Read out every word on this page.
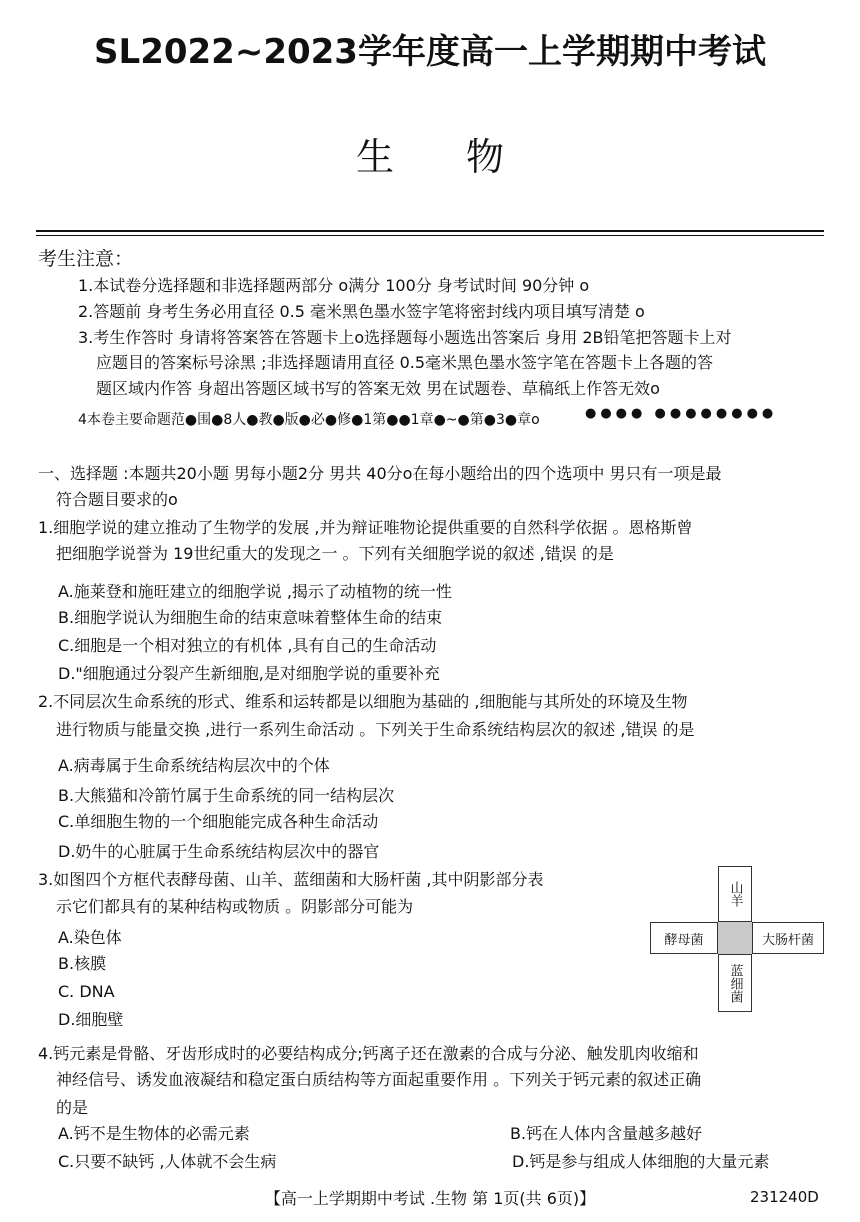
SL2022~2023学年度高一上学期期中考试
生物
考生注意：
1.本试卷分选择题和非选择题两部分 o满分 100分 身考试时间 90分钟 o
2.答题前 身考生务必用直径 0.5 毫米黑色墨水签字笔将密封线内项目填写清楚 o
3.考生作答时 身请将答案答在答题卡上o选择题每小题选出答案后 身用 2B铅笔把答题卡上对
应题目的答案标号涂黑 ;非选择题请用直径 0.5毫米黑色墨水签字笔在答题卡上各题的答
题区域内作答 身超出答题区域书写的答案无效 男在试题卷、草稿纸上作答无效o
4本卷主要命题范●围●8人●教●版●必●修●1第●●1章●~●第●3●章o	●●●● ●●●●●●●●
一、选择题 :本题共20小题 男每小题2分 男共 40分o在每小题给出的四个选项中 男只有一项是最
符合题目要求的o
1.细胞学说的建立推动了生物学的发展 ,并为辩证唯物论提供重要的自然科学依据 。恩格斯曾
把细胞学说誉为 19世纪重大的发现之一 。下列有关细胞学说的叙述 ,错误 的是
A.施莱登和施旺建立的细胞学说 ,揭示了动植物的统一性
B.细胞学说认为细胞生命的结束意味着整体生命的结束
C.细胞是一个相对独立的有机体 ,具有自己的生命活动
D."细胞通过分裂产生新细胞,是对细胞学说的重要补充
2.不同层次生命系统的形式、维系和运转都是以细胞为基础的 ,细胞能与其所处的环境及生物
进行物质与能量交换 ,进行一系列生命活动 。下列关于生命系统结构层次的叙述 ,错误 的是
A.病毒属于生命系统结构层次中的个体
B.大熊猫和冷箭竹属于生命系统的同一结构层次
C.单细胞生物的一个细胞能完成各种生命活动
D.奶牛的心脏属于生命系统结构层次中的器官
3.如图四个方框代表酵母菌、山羊、蓝细菌和大肠杆菌 ,其中阴影部分表
示它们都具有的某种结构或物质 。阴影部分可能为
A.染色体
B.核膜
C. DNA
D.细胞壁
山羊
酵母菌	大肠杆菌
蓝细菌
4.钙元素是骨骼、牙齿形成时的必要结构成分;钙离子还在激素的合成与分泌、触发肌肉收缩和
神经信号、诱发血液凝结和稳定蛋白质结构等方面起重要作用 。下列关于钙元素的叙述正确
的是
A.钙不是生物体的必需元素	B.钙在人体内含量越多越好
C.只要不缺钙 ,人体就不会生病	D.钙是参与组成人体细胞的大量元素
【高一上学期期中考试 .生物 第 1页(共 6页)】	231240D
